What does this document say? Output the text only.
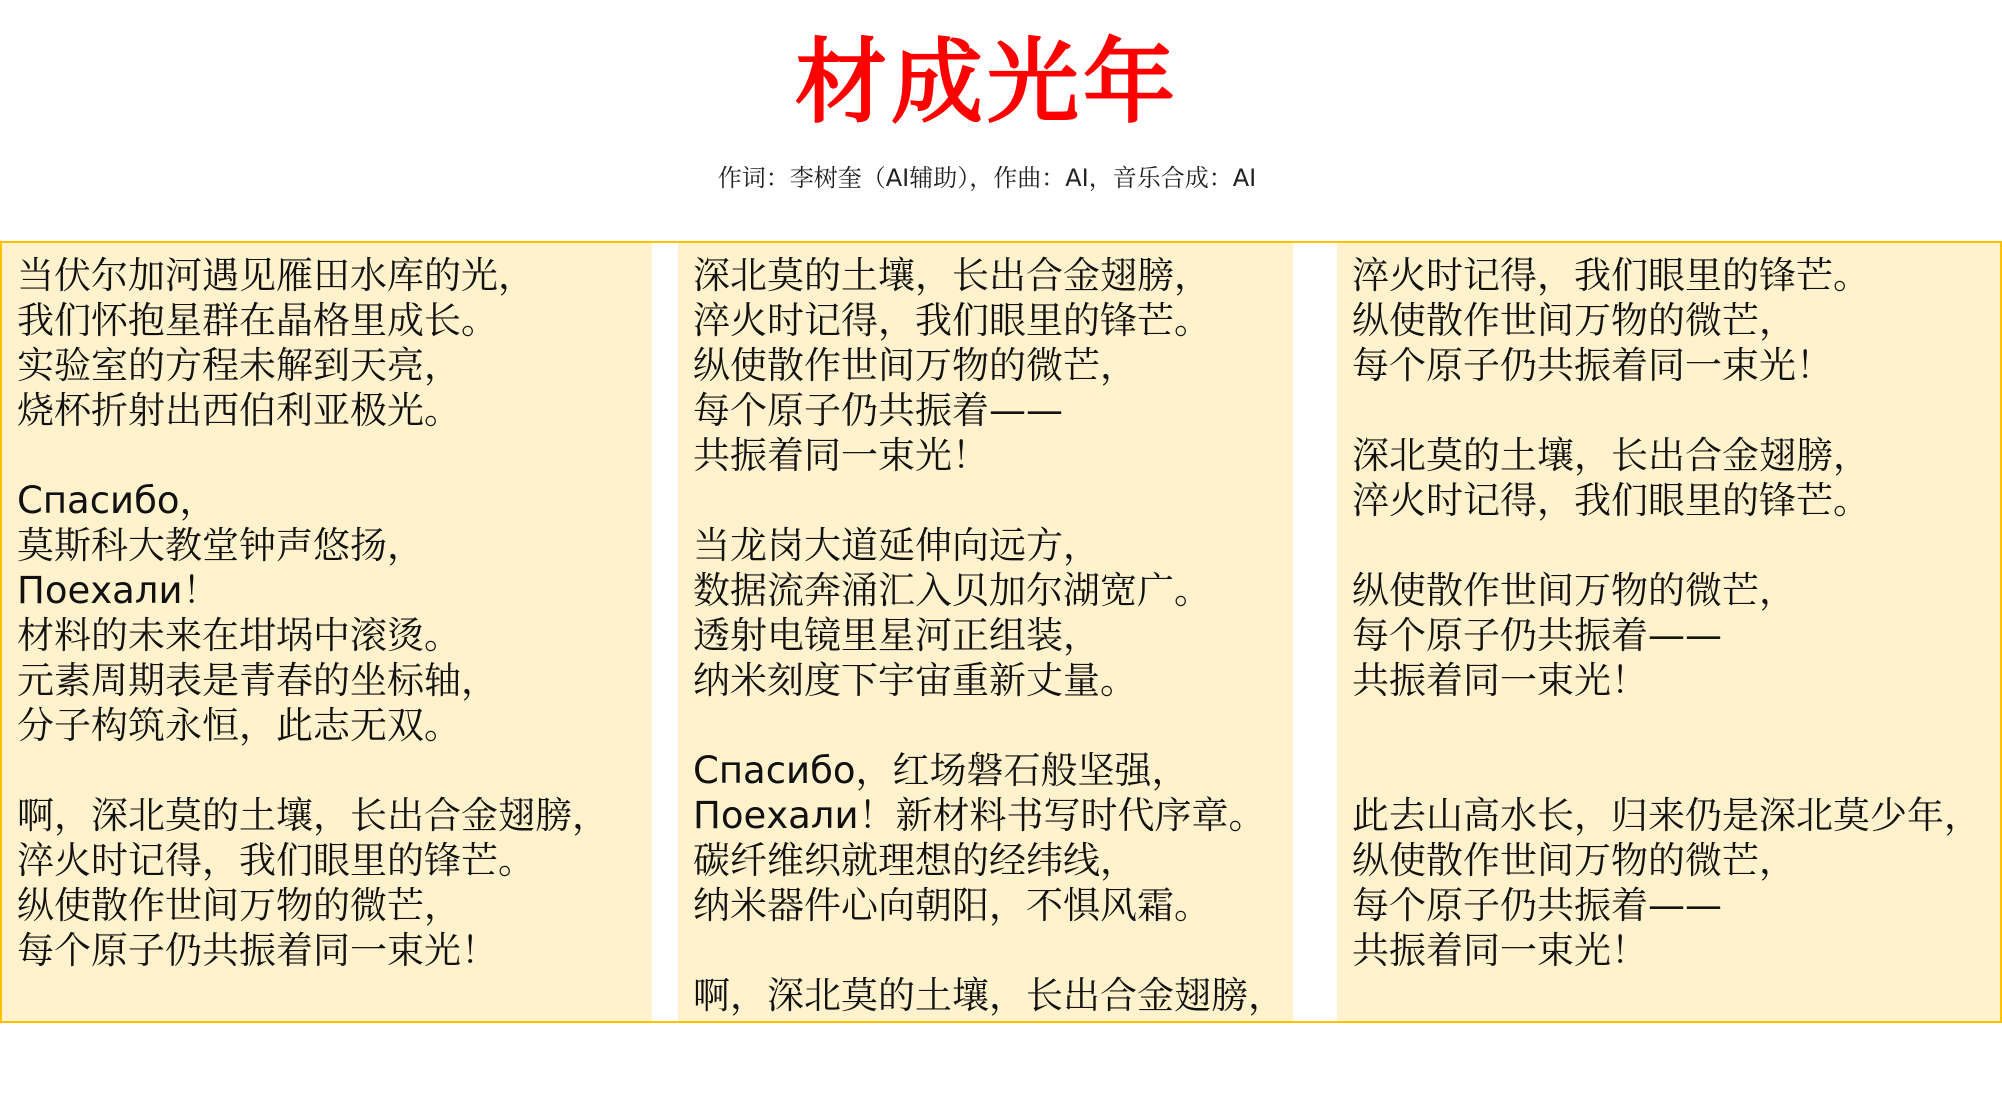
材成光年
作词：李树奎（AI辅助），作曲：AI，音乐合成：AI
当伏尔加河遇见雁田水库的光，
我们怀抱星群在晶格里成长。
实验室的方程未解到天亮，
烧杯折射出西伯利亚极光。
Спасибо，
莫斯科大教堂钟声悠扬，
Поехали！
材料的未来在坩埚中滚烫。
元素周期表是青春的坐标轴，
分子构筑永恒，此志无双。
啊，深北莫的土壤，长出合金翅膀，
淬火时记得，我们眼里的锋芒。
纵使散作世间万物的微芒，
每个原子仍共振着同一束光！
深北莫的土壤，长出合金翅膀，
淬火时记得，我们眼里的锋芒。
纵使散作世间万物的微芒，
每个原子仍共振着——
共振着同一束光！
当龙岗大道延伸向远方，
数据流奔涌汇入贝加尔湖宽广。
透射电镜里星河正组装，
纳米刻度下宇宙重新丈量。
Спасибо，红场磐石般坚强，
Поехали！新材料书写时代序章。
碳纤维织就理想的经纬线，
纳米器件心向朝阳，不惧风霜。
啊，深北莫的土壤，长出合金翅膀，
淬火时记得，我们眼里的锋芒。
纵使散作世间万物的微芒，
每个原子仍共振着同一束光！
深北莫的土壤，长出合金翅膀，
淬火时记得，我们眼里的锋芒。
纵使散作世间万物的微芒，
每个原子仍共振着——
共振着同一束光！
此去山高水长，归来仍是深北莫少年，
纵使散作世间万物的微芒，
每个原子仍共振着——
共振着同一束光！
